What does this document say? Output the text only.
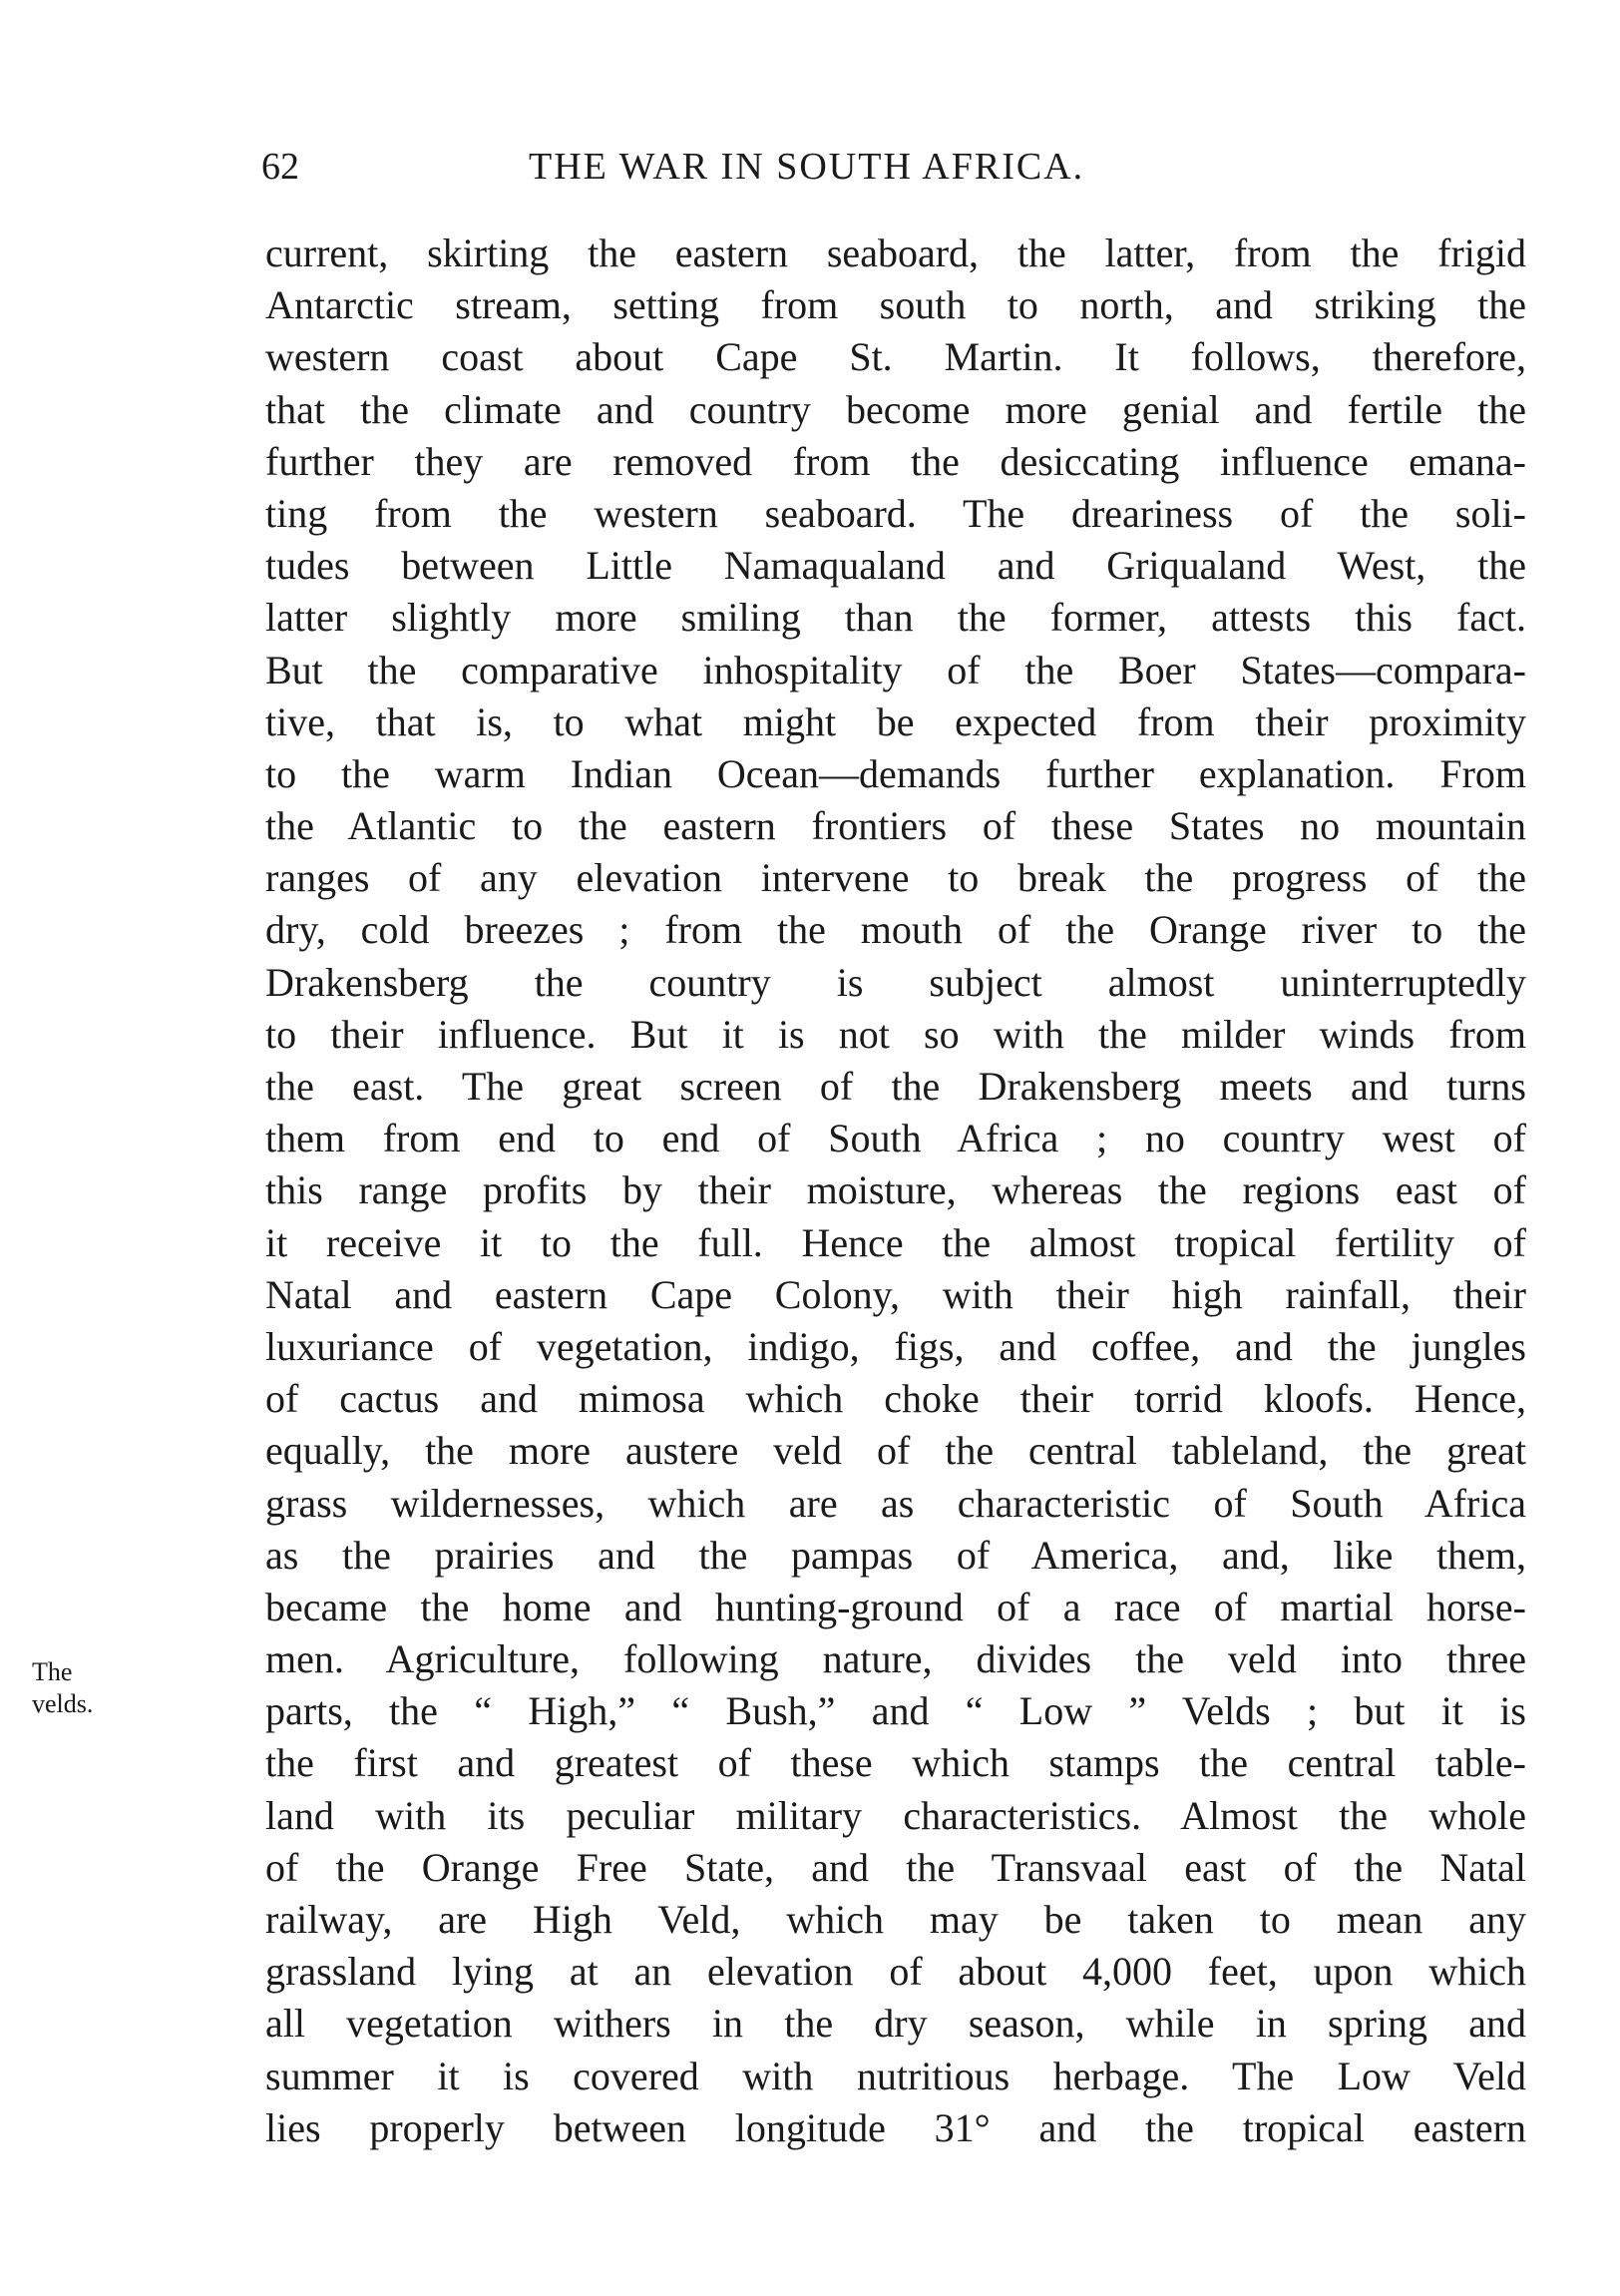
62	THE WAR IN SOUTH AFRICA.
The
velds.
current, skirting the eastern seaboard, the latter, from the frigid
Antarctic stream, setting from south to north, and striking the
western coast about Cape St. Martin. It follows, therefore,
that the climate and country become more genial and fertile the
further they are removed from the desiccating influence emana-
ting from the western seaboard. The dreariness of the soli-
tudes between Little Namaqualand and Griqualand West, the
latter slightly more smiling than the former, attests this fact.
But the comparative inhospitality of the Boer States—compara-
tive, that is, to what might be expected from their proximity
to the warm Indian Ocean—demands further explanation. From
the Atlantic to the eastern frontiers of these States no mountain
ranges of any elevation intervene to break the progress of the
dry, cold breezes ; from the mouth of the Orange river to the
Drakensberg the country is subject almost uninterruptedly
to their influence. But it is not so with the milder winds from
the east. The great screen of the Drakensberg meets and turns
them from end to end of South Africa ; no country west of
this range profits by their moisture, whereas the regions east of
it receive it to the full. Hence the almost tropical fertility of
Natal and eastern Cape Colony, with their high rainfall, their
luxuriance of vegetation, indigo, figs, and coffee, and the jungles
of cactus and mimosa which choke their torrid kloofs. Hence,
equally, the more austere veld of the central tableland, the great
grass wildernesses, which are as characteristic of South Africa
as the prairies and the pampas of America, and, like them,
became the home and hunting-ground of a race of martial horse-
men. Agriculture, following nature, divides the veld into three
parts, the “ High,” “ Bush,” and “ Low ” Velds ; but it is
the first and greatest of these which stamps the central table-
land with its peculiar military characteristics. Almost the whole
of the Orange Free State, and the Transvaal east of the Natal
railway, are High Veld, which may be taken to mean any
grassland lying at an elevation of about 4,000 feet, upon which
all vegetation withers in the dry season, while in spring and
summer it is covered with nutritious herbage. The Low Veld
lies properly between longitude 31° and the tropical eastern
